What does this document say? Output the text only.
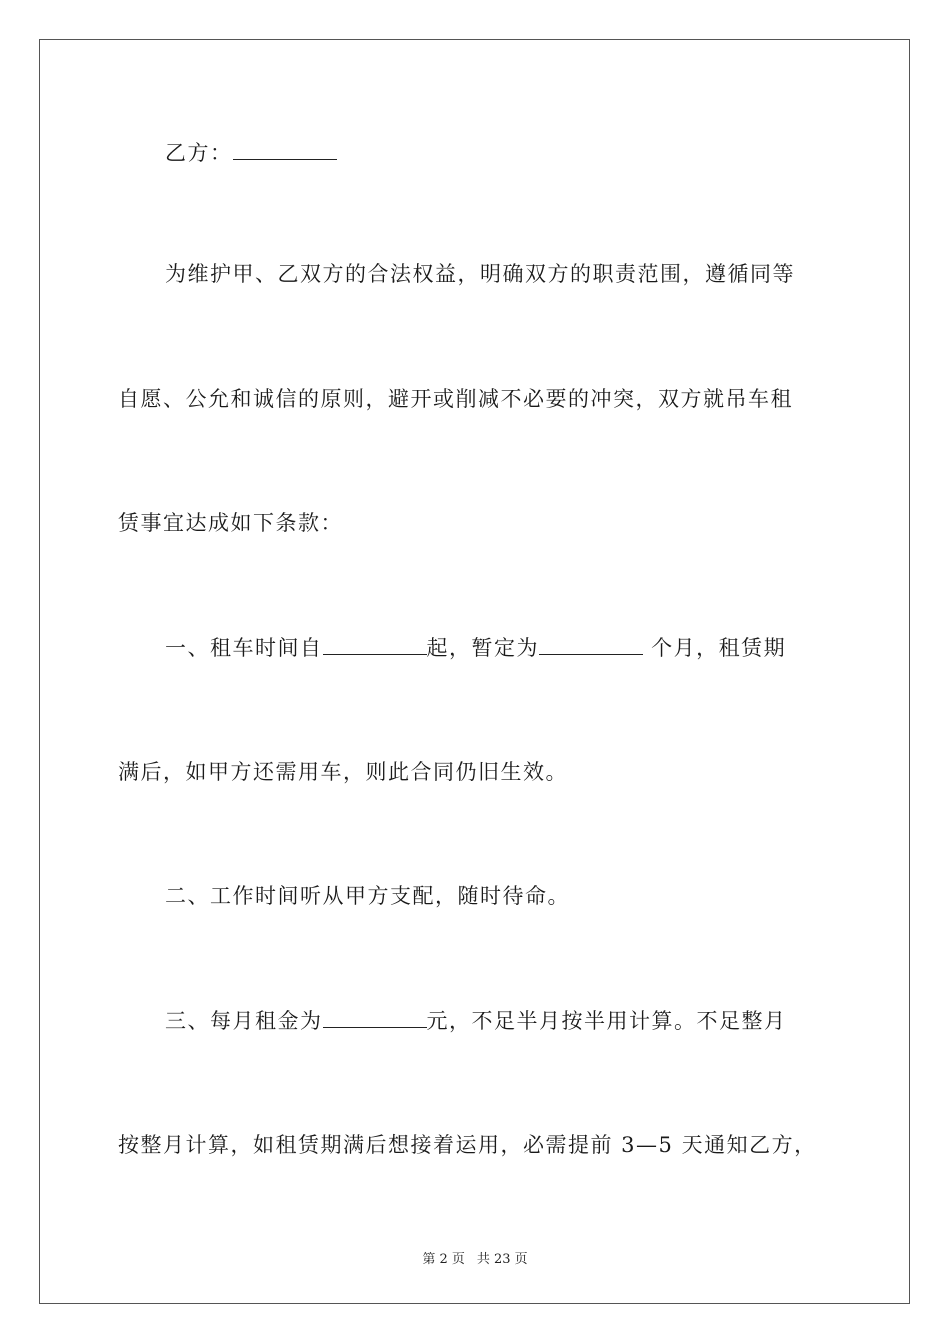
乙方：
为维护甲、乙双方的合法权益，明确双方的职责范围，遵循同等
自愿、公允和诚信的原则，避开或削减不必要的冲突，双方就吊车租
赁事宜达成如下条款：
一、租车时间自	起，暂定为	个月，租赁期
满后，如甲方还需用车，则此合同仍旧生效。
二、工作时间听从甲方支配，随时待命。
三、每月租金为	元，不足半月按半用计算。不足整月
按整月计算，如租赁期满后想接着运用，必需提前 3—5 天通知乙方，
第 2 页 共 23 页
